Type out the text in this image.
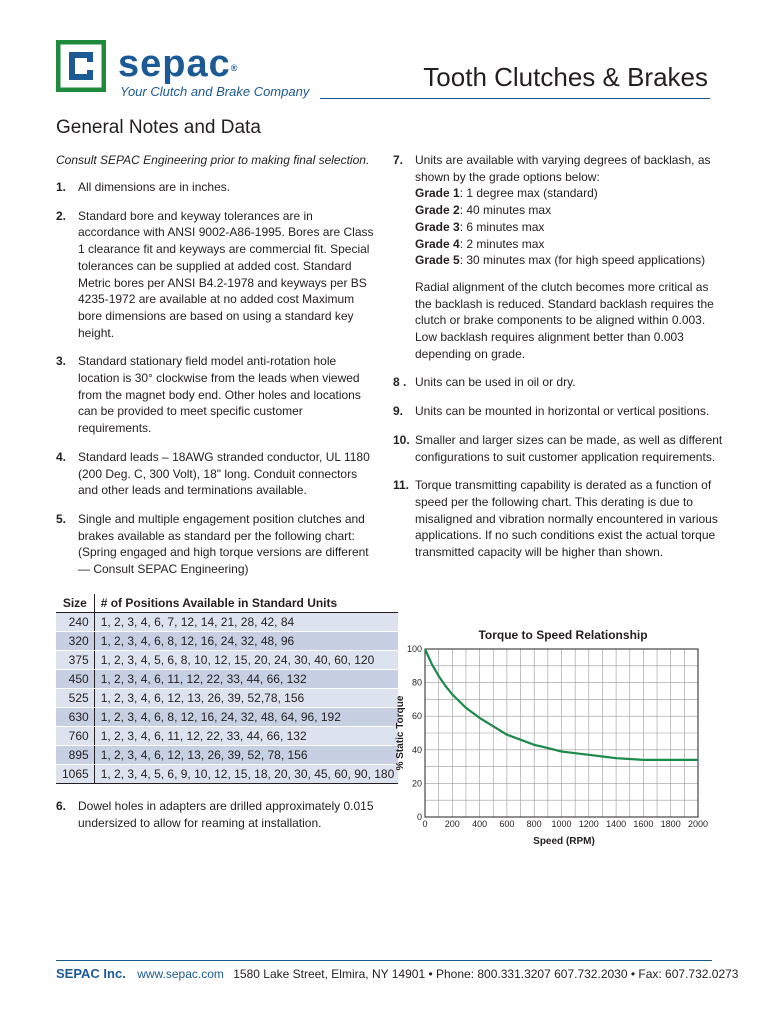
sepac®
Your Clutch and Brake Company	Tooth Clutches & Brakes
General Notes and Data
Consult SEPAC Engineering prior to making final selection.
1. All dimensions are in inches.

2. Standard bore and keyway tolerances are in accordance with ANSI 9002-A86-1995. Bores are Class 1 clearance fit and keyways are commercial fit. Special tolerances can be supplied at added cost. Standard Metric bores per ANSI B4.2-1978 and keyways per BS 4235-1972 are available at no added cost Maximum bore dimensions are based on using a standard key height.

3. Standard stationary field model anti-rotation hole location is 30° clockwise from the leads when viewed from the magnet body end. Other holes and locations can be provided to meet specific customer requirements.

4. Standard leads – 18AWG stranded conductor, UL 1180 (200 Deg. C, 300 Volt), 18" long. Conduit connectors and other leads and terminations available.

5. Single and multiple engagement position clutches and brakes available as standard per the following chart: (Spring engaged and high torque versions are different — Consult SEPAC Engineering)

Size	# of Positions Available in Standard Units
240	1, 2, 3, 4, 6, 7, 12, 14, 21, 28, 42, 84
320	1, 2, 3, 4, 6, 8, 12, 16, 24, 32, 48, 96
375	1, 2, 3, 4, 5, 6, 8, 10, 12, 15, 20, 24, 30, 40, 60, 120
450	1, 2, 3, 4, 6, 11, 12, 22, 33, 44, 66, 132
525	1, 2, 3, 4, 6, 12, 13, 26, 39, 52,78, 156
630	1, 2, 3, 4, 6, 8, 12, 16, 24, 32, 48, 64, 96, 192
760	1, 2, 3, 4, 6, 11, 12, 22, 33, 44, 66, 132
895	1, 2, 3, 4, 6, 12, 13, 26, 39, 52, 78, 156
1065	1, 2, 3, 4, 5, 6, 9, 10, 12, 15, 18, 20, 30, 45, 60, 90, 180
6. Dowel holes in adapters are drilled approximately 0.015 undersized to allow for reaming at installation.

7. Units are available with varying degrees of backlash, as shown by the grade options below:

Grade 1: 1 degree max (standard)
Grade 2: 40 minutes max
Grade 3: 6 minutes max
Grade 4: 2 minutes max
Grade 5: 30 minutes max (for high speed applications)

Radial alignment of the clutch becomes more critical as the backlash is reduced. Standard backlash requires the clutch or brake components to be aligned within 0.003. Low backlash requires alignment better than 0.003 depending on grade.

8 . Units can be used in oil or dry.

9. Units can be mounted in horizontal or vertical positions.

10. Smaller and larger sizes can be made, as well as different configurations to suit customer application requirements.

11. Torque transmitting capability is derated as a function of speed per the following chart. This derating is due to misaligned and vibration normally encountered in various applications. If no such conditions exist the actual torque transmitted capacity will be higher than shown.

Torque to Speed Relationship
0 200 400 600 800 1000 1200 1400 1600 1800 2000
0
20
40
60
80
100
% Static Torque
Speed (RPM)
SEPAC Inc. www.sepac.com 1580 Lake Street, Elmira, NY 14901 • Phone: 800.331.3207 607.732.2030 • Fax: 607.732.0273
